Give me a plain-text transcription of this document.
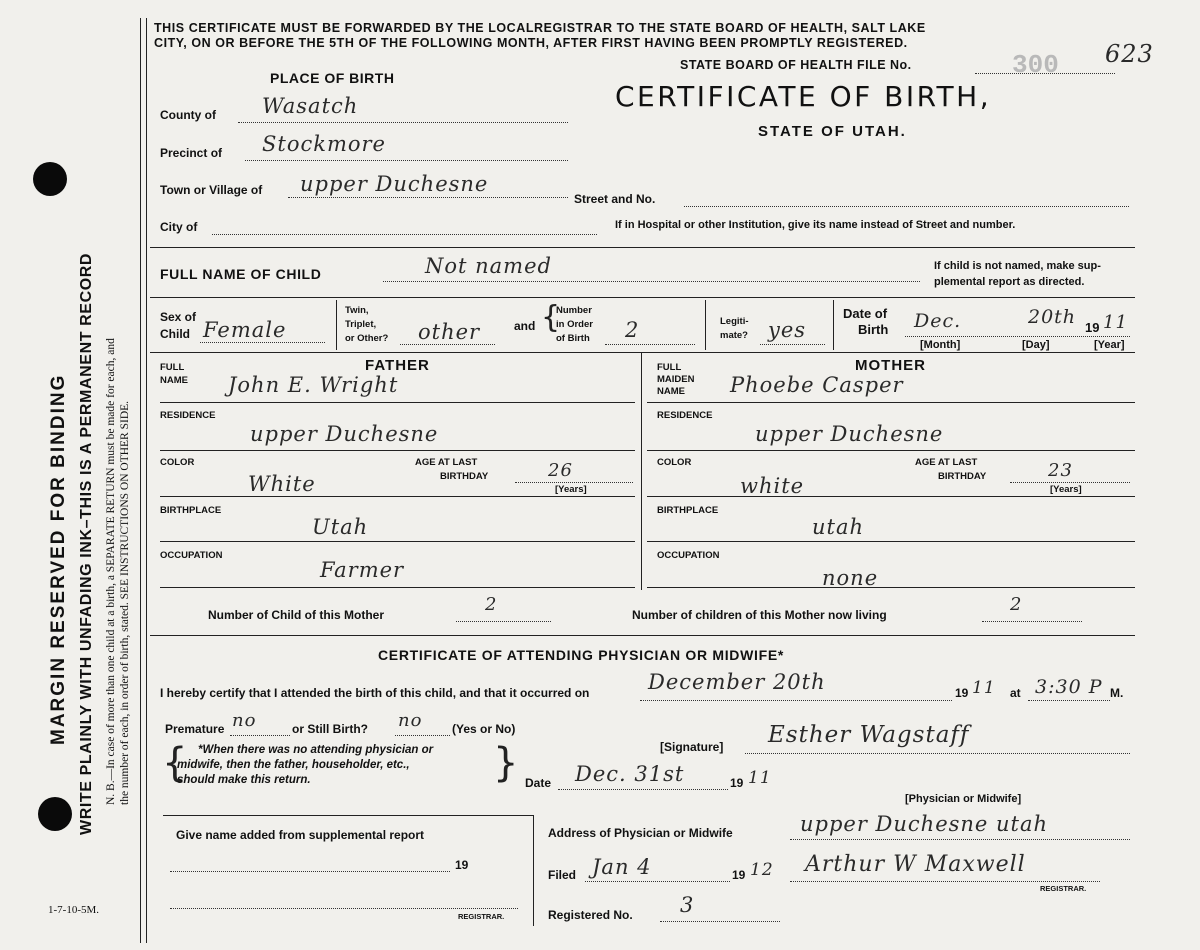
MARGIN RESERVED FOR BINDING WRITE PLAINLY WITH UNFADING INK–THIS IS A PERMANENT RECORD N. B.—In case of more than one child at a birth, a SEPARATE RETURN must be made for each, and the number of each, in order of birth, stated. SEE INSTRUCTIONS ON OTHER SIDE.
1-7-10-5M.
THIS CERTIFICATE MUST BE FORWARDED BY THE LOCALREGISTRAR TO THE STATE BOARD OF HEALTH, SALT LAKE
CITY, ON OR BEFORE THE 5TH OF THE FOLLOWING MONTH, AFTER FIRST HAVING BEEN PROMPTLY REGISTERED.
STATE BOARD OF HEALTH FILE No.	300 623
CERTIFICATE OF BIRTH,
STATE OF UTAH.
PLACE OF BIRTH
County of Wasatch
Precinct of Stockmore
Town or Village of upper Duchesne
Street and No.
City of	If in Hospital or other Institution, give its name instead of Street and number.
FULL NAME OF CHILD	Not named	If child is not named, make sup-
plemental report as directed.
Sex of
Child Female
Twin,
Triplet,
or Other? other	and {
Number
in Order
of Birth 2	Legiti-
mate? yes
Date of
Birth Dec.	20th 19 11
[Month]	[Day]	[Year]
FATHER
FULL
NAME John E. Wright
RESIDENCE
upper Duchesne
COLOR	AGE AT LAST
BIRTHDAY	26
[Years]
White
BIRTHPLACE
Utah
OCCUPATION
Farmer
MOTHER
FULL
MAIDEN
NAME Phoebe Casper
RESIDENCE
upper Duchesne
COLOR	AGE AT LAST
BIRTHDAY	23
[Years]
white
BIRTHPLACE
utah
OCCUPATION
none
Number of Child of this Mother	2	Number of children of this Mother now living	2
CERTIFICATE OF ATTENDING PHYSICIAN OR MIDWIFE*
I hereby certify that I attended the birth of this child, and that it occurred on	December 20th	19 11 at 3:30 P M.
Premature no	or Still Birth? no (Yes or No)
{ *When there was no attending physician or
midwife, then the father, householder, etc.,
should make this return.	}	[Signature] Esther Wagstaff
Date Dec. 31st	19 11
[Physician or Midwife]
Give name added from supplemental report
19
REGISTRAR.
Address of Physician or Midwife	upper Duchesne utah
Filed Jan 4	19 12 Arthur W Maxwell
REGISTRAR.
Registered No. 3
